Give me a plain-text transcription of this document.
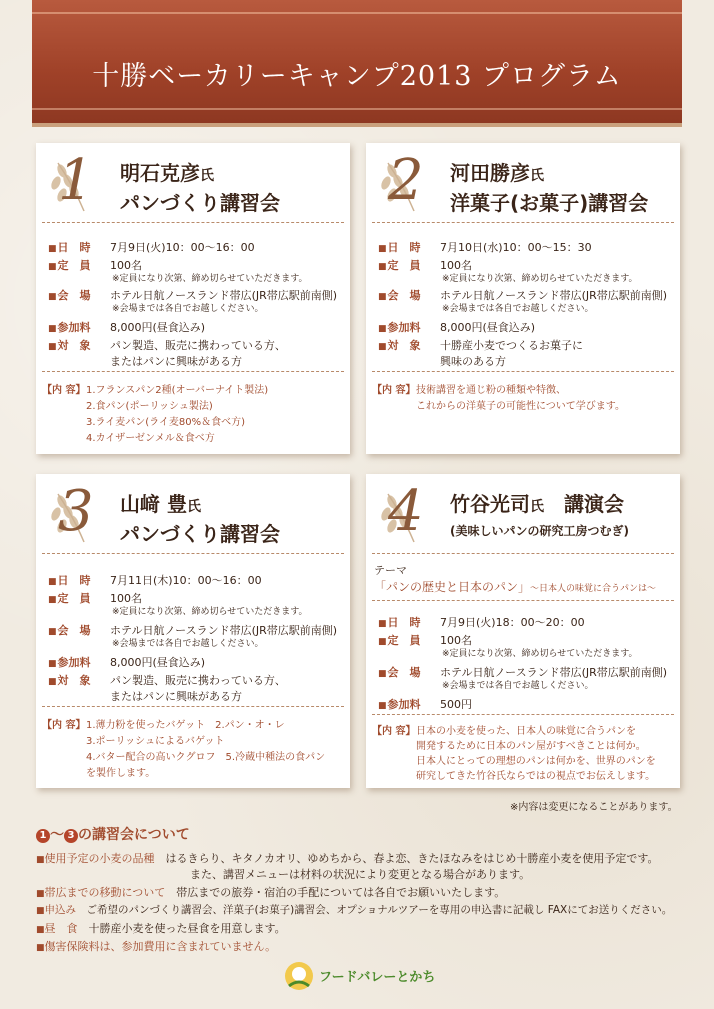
十勝ベーカリーキャンプ2013 プログラム
1 明石克彦氏
パンづくり講習会
■ 日　時 7月9日(火)10：00〜16：00
■ 定　員 100名
※定員になり次第、締め切らせていただきます。
■ 会　場 ホテル日航ノースランド帯広(JR帯広駅前南側)
※会場までは各自でお越しください。
■ 参加料 8,000円(昼食込み)
■ 対　象 パン製造、販売に携わっている方、
またはパンに興味がある方
【内 容】 1.フランスパン2種(オーバーナイト製法)
2.食パン(ポーリッシュ製法)
3.ライ麦パン(ライ麦80%＆食べ方)
4.カイザーゼンメル＆食べ方
2 河田勝彦氏
洋菓子(お菓子)講習会
■ 日　時 7月10日(水)10：00〜15：30
■ 定　員 100名
※定員になり次第、締め切らせていただきます。
■ 会　場 ホテル日航ノースランド帯広(JR帯広駅前南側)
※会場までは各自でお越しください。
■ 参加料 8,000円(昼食込み)
■ 対　象 十勝産小麦でつくるお菓子に
興味のある方
【内 容】 技術講習を通じ粉の種類や特徴、
これからの洋菓子の可能性について学びます。
3 山﨑 豊氏
パンづくり講習会
■ 日　時 7月11日(木)10：00〜16：00
■ 定　員 100名
※定員になり次第、締め切らせていただきます。
■ 会　場 ホテル日航ノースランド帯広(JR帯広駅前南側)
※会場までは各自でお越しください。
■ 参加料 8,000円(昼食込み)
■ 対　象 パン製造、販売に携わっている方、
またはパンに興味がある方
【内 容】 1.薄力粉を使ったバゲット　2.パン・オ・レ
3.ポーリッシュによるバゲット
4.バター配合の高いクグロフ　5.冷蔵中種法の食パン
を製作します。
4 竹谷光司氏　 講演会
(美味しいパンの研究工房つむぎ)
テーマ
「パンの歴史と日本のパン」〜日本人の味覚に合うパンは〜
■ 日　時 7月9日(火)18：00〜20：00
■ 定　員 100名
※定員になり次第、締め切らせていただきます。
■ 会　場 ホテル日航ノースランド帯広(JR帯広駅前南側)
※会場までは各自でお越しください。
■ 参加料 500円
【内 容】 日本の小麦を使った、日本人の味覚に合うパンを
開発するために日本のパン屋がすべきことは何か。
日本人にとっての理想のパンは何かを、世界のパンを
研究してきた竹谷氏ならではの視点でお伝えします。
※内容は変更になることがあります。
1 〜 3 の講習会について
■ 使用予定の小麦の品種　はるきらり、キタノカオリ、ゆめちから、春よ恋、きたほなみをはじめ十勝産小麦を使用予定です。
　　　　　　　　　　　　　　また、講習メニューは材料の状況により変更となる場合があります。
■ 帯広までの移動について　帯広までの旅券・宿泊の手配については各自でお願いいたします。
■ 申込み　ご希望のパンづくり講習会、洋菓子(お菓子)講習会、オプショナルツアーを専用の申込書に記載し FAXにてお送りください。
■ 昼　食　十勝産小麦を使った昼食を用意します。
■ 傷害保険料は、参加費用に含まれていません。
フードバレーとかち
